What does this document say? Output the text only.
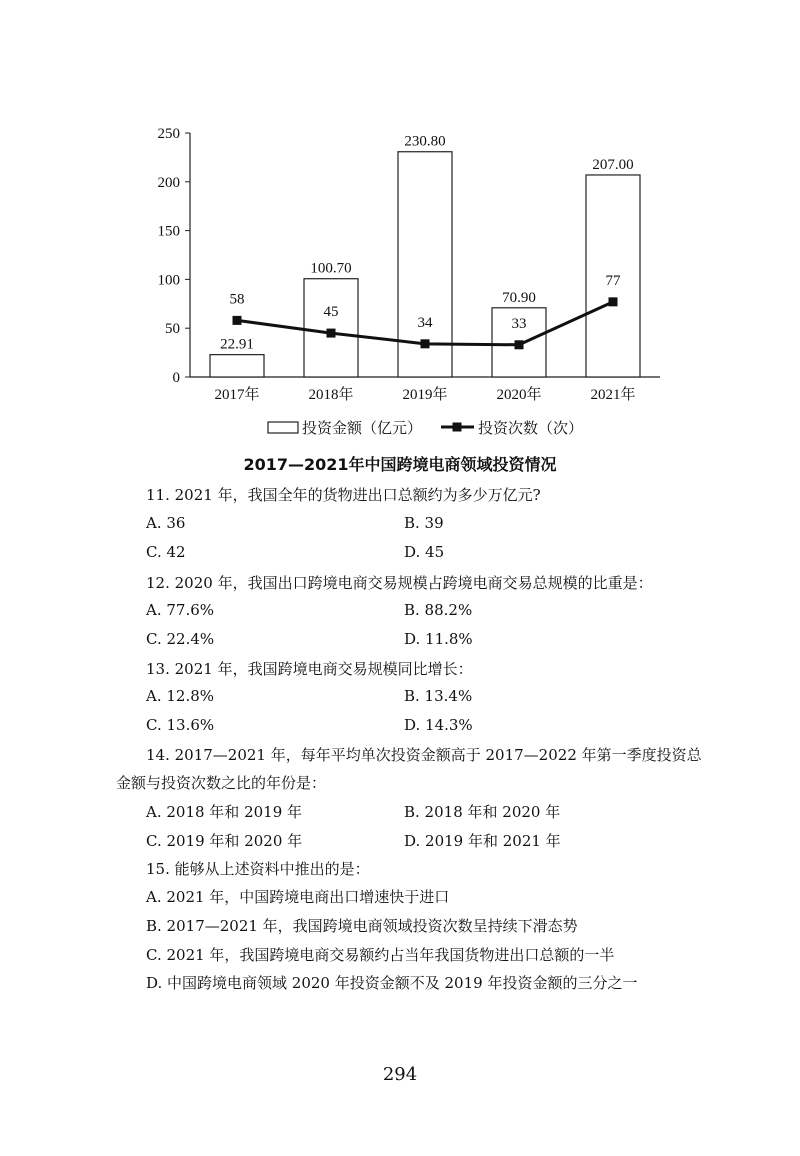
0
50
100
150
200
250
2017年	2018年	2019年	2020年	2021年
22.91
100.70
230.80
70.90
207.00
58
45
34	33
77
投资金额（亿元）	投资次数（次）
2017—2021年中国跨境电商领域投资情况
11. 2021 年，我国全年的货物进出口总额约为多少万亿元?
A. 36	B. 39
C. 42	D. 45
12. 2020 年，我国出口跨境电商交易规模占跨境电商交易总规模的比重是：
A. 77.6%	B. 88.2%
C. 22.4%	D. 11.8%
13. 2021 年，我国跨境电商交易规模同比增长：
A. 12.8%	B. 13.4%
C. 13.6%	D. 14.3%
14. 2017—2021 年，每年平均单次投资金额高于 2017—2022 年第一季度投资总
金额与投资次数之比的年份是：
A. 2018 年和 2019 年	B. 2018 年和 2020 年
C. 2019 年和 2020 年	D. 2019 年和 2021 年
15. 能够从上述资料中推出的是：
A. 2021 年，中国跨境电商出口增速快于进口
B. 2017—2021 年，我国跨境电商领域投资次数呈持续下滑态势
C. 2021 年，我国跨境电商交易额约占当年我国货物进出口总额的一半
D. 中国跨境电商领域 2020 年投资金额不及 2019 年投资金额的三分之一
294
